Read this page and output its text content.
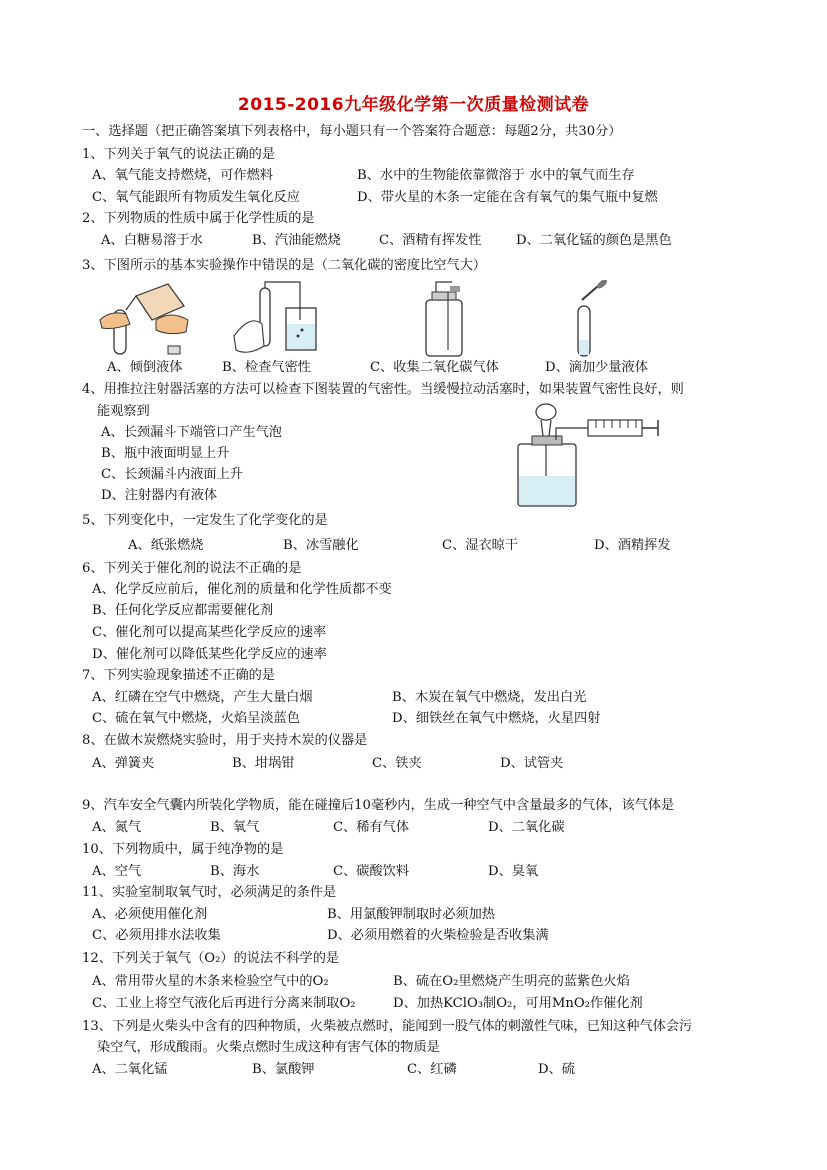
2015-2016九年级化学第一次质量检测试卷
一、选择题（把正确答案填下列表格中，每小题只有一个答案符合题意：每题2分，共30分）
1、下列关于氧气的说法正确的是
A、氧气能支持燃烧，可作燃料	B、水中的生物能依靠微溶于 水中的氧气而生存
C、氧气能跟所有物质发生氧化反应	D、带火星的木条一定能在含有氧气的集气瓶中复燃
2、下列物质的性质中属于化学性质的是
A、白糖易溶于水	B、汽油能燃烧	C、酒精有挥发性	D、二氧化锰的颜色是黑色
3、下图所示的基本实验操作中错误的是（二氧化碳的密度比空气大）
A、倾倒液体	B、检查气密性	C、收集二氧化碳气体	D、滴加少量液体
4、用推拉注射器活塞的方法可以检查下图装置的气密性。当缓慢拉动活塞时，如果装置气密性良好，则
能观察到
A、长颈漏斗下端管口产生气泡
B、瓶中液面明显上升
C、长颈漏斗内液面上升
D、注射器内有液体
5、下列变化中，一定发生了化学变化的是
A、纸张燃烧	B、冰雪融化	C、湿衣晾干	D、酒精挥发
6、下列关于催化剂的说法不正确的是
A、化学反应前后，催化剂的质量和化学性质都不变
B、任何化学反应都需要催化剂
C、催化剂可以提高某些化学反应的速率
D、催化剂可以降低某些化学反应的速率
7、下列实验现象描述不正确的是
A、红磷在空气中燃烧，产生大量白烟	B、木炭在氧气中燃烧，发出白光
C、硫在氧气中燃烧，火焰呈淡蓝色	D、细铁丝在氧气中燃烧，火星四射
8、在做木炭燃烧实验时，用于夹持木炭的仪器是
A、弹簧夹	B、坩埚钳	C、铁夹	D、试管夹
9、汽车安全气囊内所装化学物质，能在碰撞后10毫秒内，生成一种空气中含量最多的气体，该气体是
A、氮气	B、氧气	C、稀有气体	D、二氧化碳
10、下列物质中，属于纯净物的是
A、空气	B、海水	C、碳酸饮料	D、臭氧
11、实验室制取氧气时，必须满足的条件是
A、必须使用催化剂	B、用氯酸钾制取时必须加热
C、必须用排水法收集	D、必须用燃着的火柴检验是否收集满
12、下列关于氧气（O₂）的说法不科学的是
A、常用带火星的木条来检验空气中的O₂	B、硫在O₂里燃烧产生明亮的蓝紫色火焰
C、工业上将空气液化后再进行分离来制取O₂	D、加热KClO₃制O₂，可用MnO₂作催化剂
13、下列是火柴头中含有的四种物质，火柴被点燃时，能闻到一股气体的刺激性气味，已知这种气体会污
染空气，形成酸雨。火柴点燃时生成这种有害气体的物质是
A、二氧化锰	B、氯酸钾	C、红磷	D、硫
